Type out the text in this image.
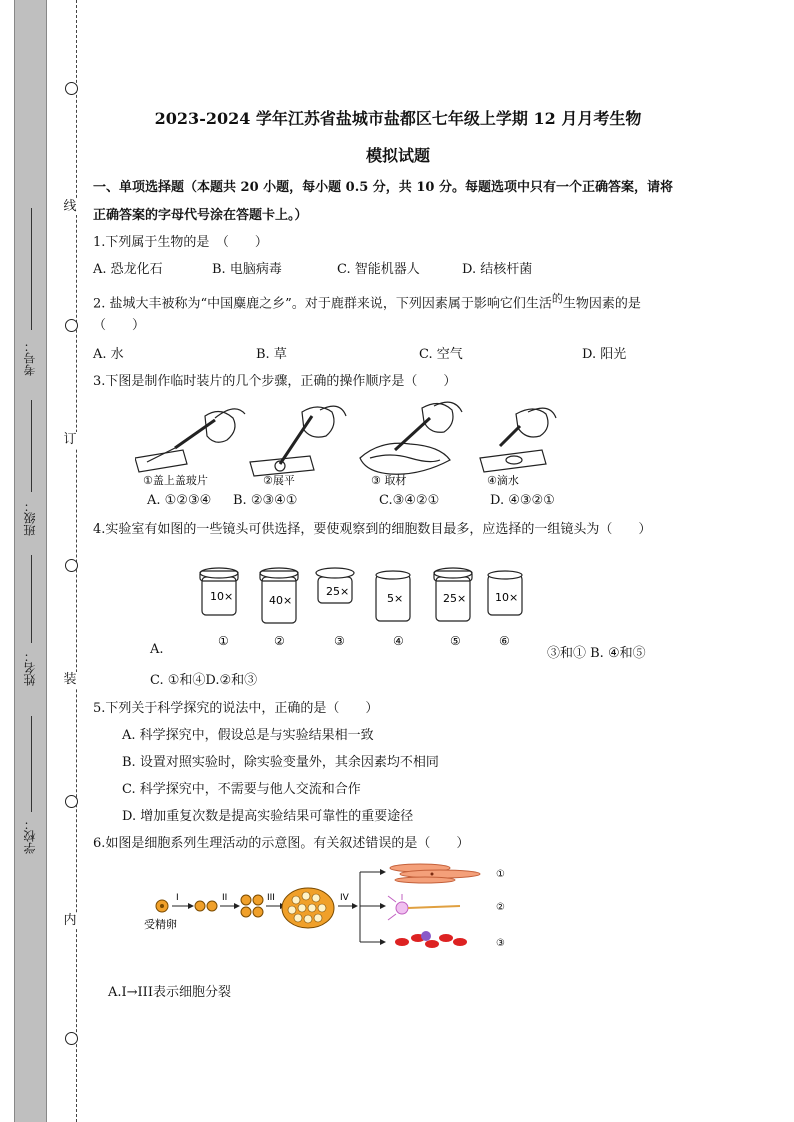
线
订
装
内
考号：
班级：
姓名：
学校：
2023-2024 学年江苏省盐城市盐都区七年级上学期 12 月月考生物
模拟试题
一、单项选择题（本题共 20 小题，每小题 0.5 分，共 10 分。每题选项中只有一个正确答案，请将
正确答案的字母代号涂在答题卡上。）
1.下列属于生物的是　（　　）
A. 恐龙化石	B. 电脑病毒	C. 智能机器人	D. 结核杆菌
2. 盐城大丰被称为“中国麋鹿之乡”。对于鹿群来说，下列因素属于影响它们生活$^的$生物因素的是
（　　）
A. 水	B. 草	C. 空气	D. 阳光
3.下图是制作临时装片的几个步骤，正确的操作顺序是（　　）
①盖上盖玻片	②展平	③ 取材	④滴水
A. ①②③④ B. ②③④①	C.③④②①	D. ④③②①
4.实验室有如图的一些镜头可供选择，要使观察到的细胞数目最多，应选择的一组镜头为（　　）
10×	40×
25×
5×	25×	10×
①	②	③	④	⑤	⑥
A.	③和① B. ④和⑤
C. ①和④D.②和③
5.下列关于科学探究的说法中，正确的是（　　）
A. 科学探究中，假设总是与实验结果相一致
B. 设置对照实验时，除实验变量外，其余因素均不相同
C. 科学探究中，不需要与他人交流和合作
D. 增加重复次数是提高实验结果可靠性的重要途径
6.如图是细胞系列生理活动的示意图。有关叙述错误的是（　　）
受精卵
I	II	III	IV
①
②
③
A.I→III表示细胞分裂
